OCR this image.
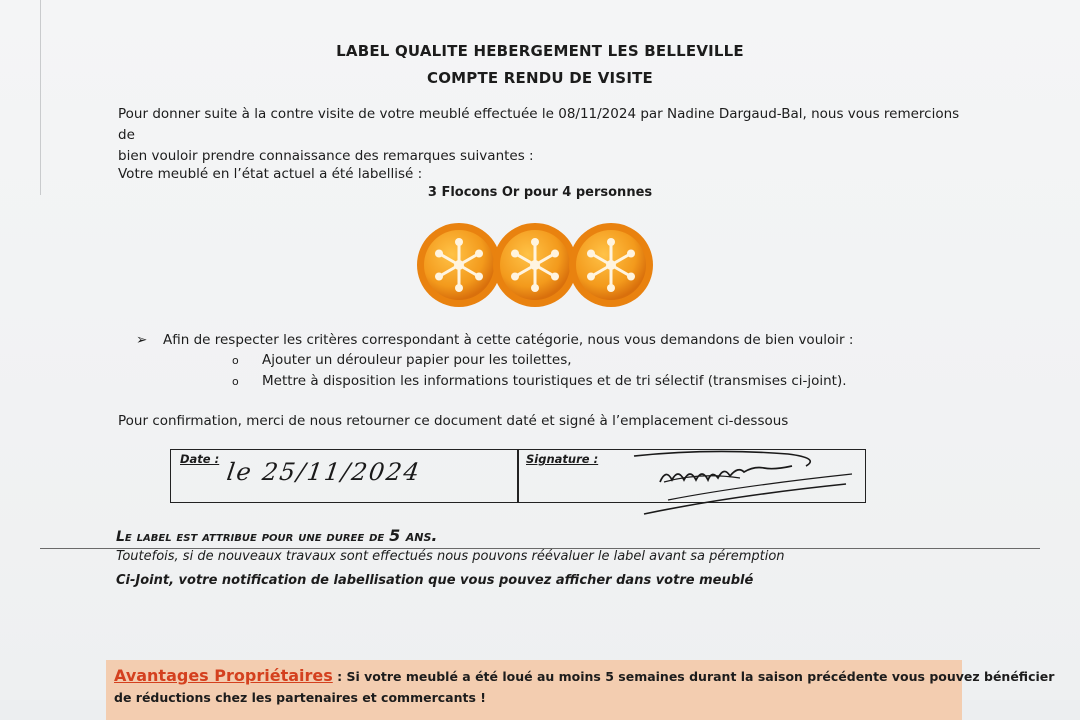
LABEL QUALITE HEBERGEMENT LES BELLEVILLE
COMPTE RENDU DE VISITE
Pour donner suite à la contre visite de votre meublé effectuée le 08/11/2024 par Nadine Dargaud-Bal, nous vous remercions de
bien vouloir prendre connaissance des remarques suivantes :
Votre meublé en l’état actuel a été labellisé :
3 Flocons Or pour 4 personnes
➢ Afin de respecter les critères correspondant à cette catégorie, nous vous demandons de bien vouloir :
o Ajouter un dérouleur papier pour les toilettes,
o Mettre à disposition les informations touristiques et de tri sélectif (transmises ci-joint).
Pour confirmation, merci de nous retourner ce document daté et signé à l’emplacement ci-dessous
Date : le 25/11/2024	Signature :
Le label est attribue pour une duree de 5 ans.
Toutefois, si de nouveaux travaux sont effectués nous pouvons réévaluer le label avant sa péremption
Ci-Joint, votre notification de labellisation que vous pouvez afficher dans votre meublé
Avantages Propriétaires : Si votre meublé a été loué au moins 5 semaines durant la saison précédente vous pouvez bénéficier
de réductions chez les partenaires et commercants !
